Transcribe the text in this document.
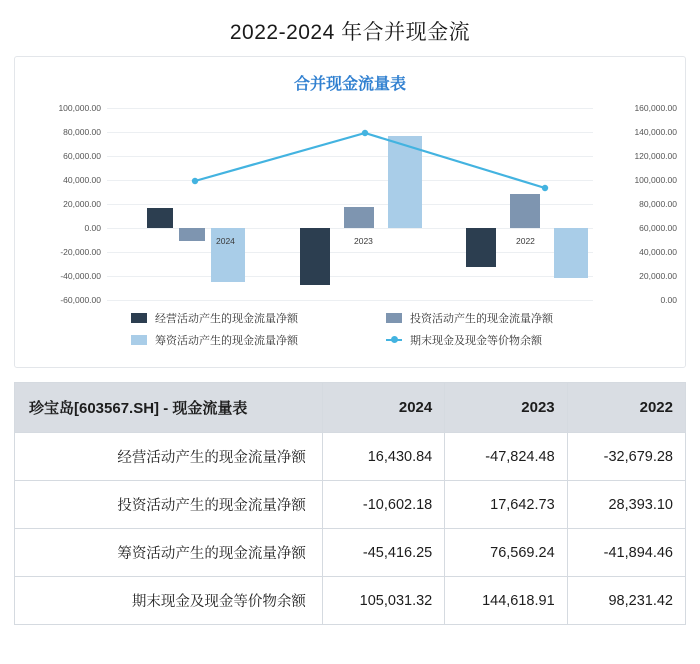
2022-2024 年合并现金流
合并现金流量表
100,000.00
80,000.00
60,000.00
40,000.00
20,000.00
0.00
-20,000.00
-40,000.00
-60,000.00
160,000.00
140,000.00
120,000.00
100,000.00
80,000.00
60,000.00
40,000.00
20,000.00
0.00
2024	2023	2022
经营活动产生的现金流量净额	投资活动产生的现金流量净额
筹资活动产生的现金流量净额	期末现金及现金等价物余额
珍宝岛[603567.SH] - 现金流量表	2024	2023	2022
经营活动产生的现金流量净额	16,430.84	-47,824.48	-32,679.28
投资活动产生的现金流量净额	-10,602.18	17,642.73	28,393.10
筹资活动产生的现金流量净额	-45,416.25	76,569.24	-41,894.46
期末现金及现金等价物余额	105,031.32	144,618.91	98,231.42
